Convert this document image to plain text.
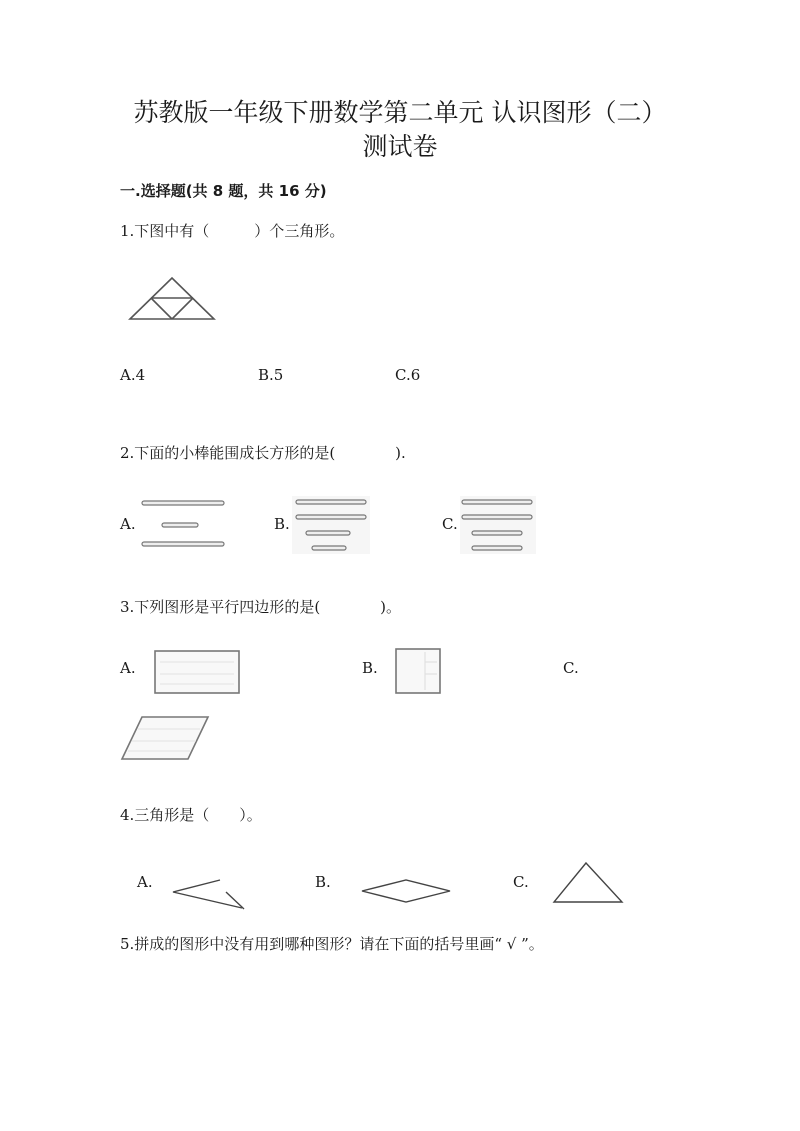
苏教版一年级下册数学第二单元 认识图形（二）
测试卷
一.选择题(共 8 题，共 16 分)
1.下图中有（　　　）个三角形。
A.4	B.5	C.6
2.下面的小棒能围成长方形的是(　　　　).
A.	B.	C.
3.下列图形是平行四边形的是(　　　　)。
A.	B.	C.
4.三角形是（　　）。
A.	B.	C.
5.拼成的图形中没有用到哪种图形？请在下面的括号里画“ √ ”。
